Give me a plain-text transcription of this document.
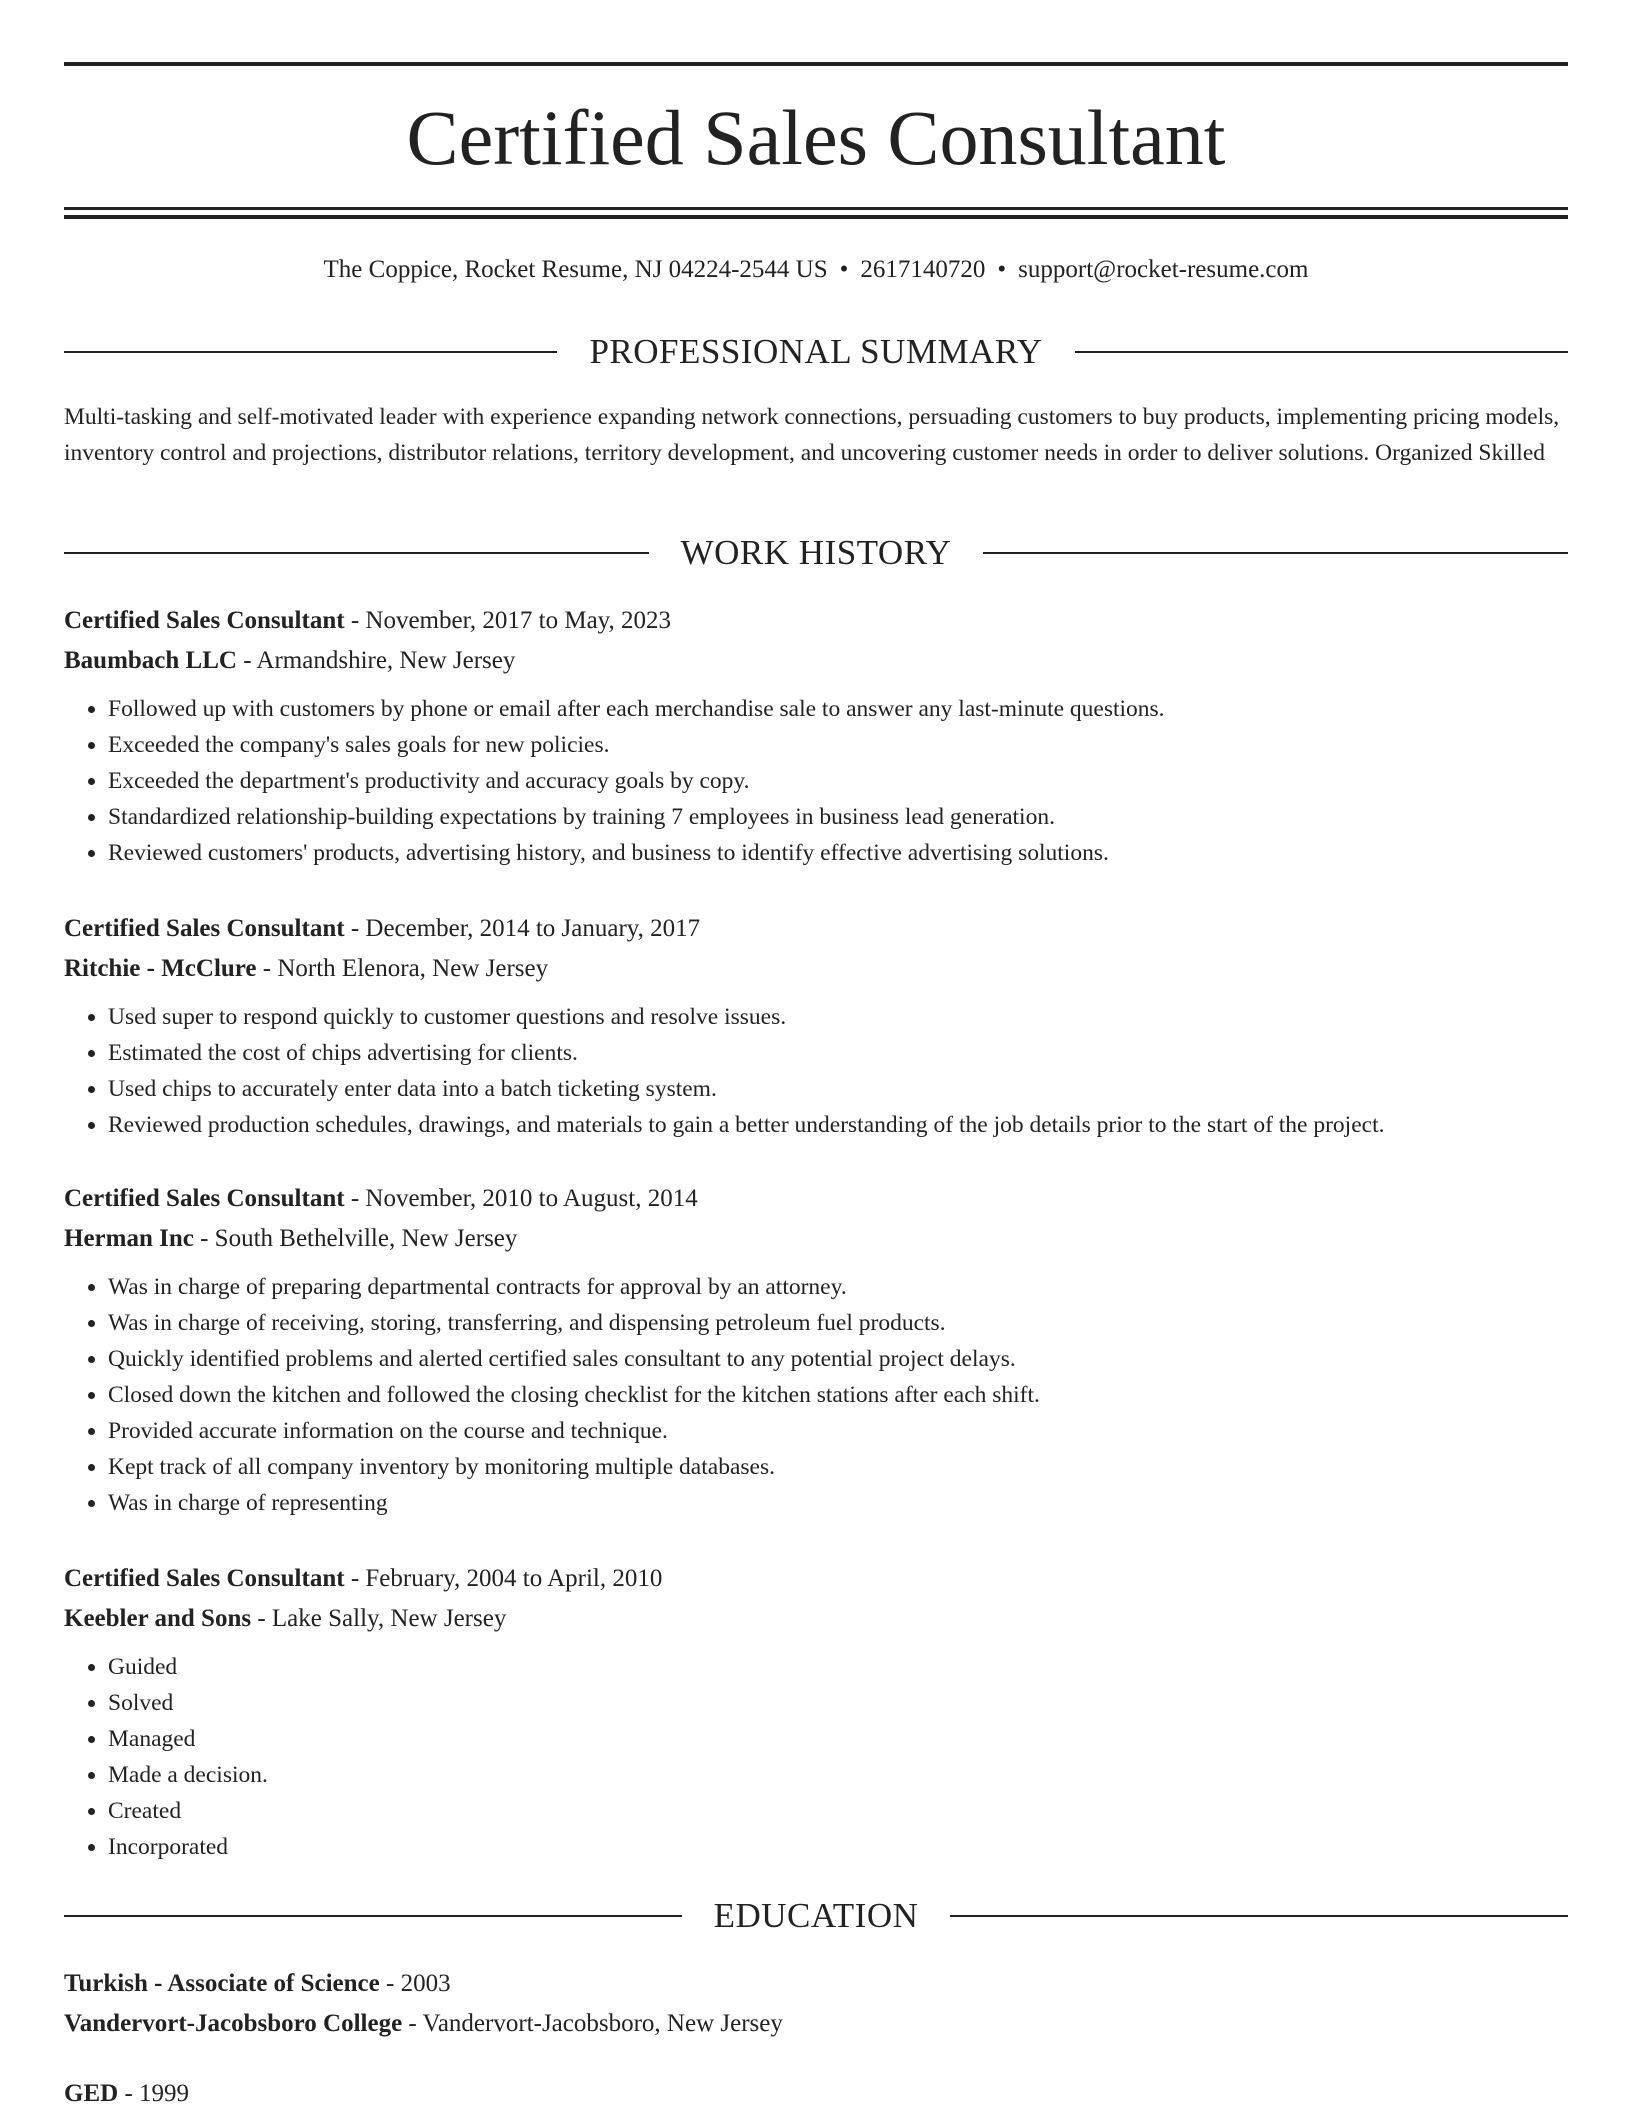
Certified Sales Consultant
The Coppice, Rocket Resume, NJ 04224-2544 US • 2617140720 • support@rocket-resume.com
PROFESSIONAL SUMMARY
Multi-tasking and self-motivated leader with experience expanding network connections, persuading customers to buy products, implementing pricing models, inventory control and projections, distributor relations, territory development, and uncovering customer needs in order to deliver solutions. Organized Skilled
WORK HISTORY
Certified Sales Consultant - November, 2017 to May, 2023
Baumbach LLC - Armandshire, New Jersey
• Followed up with customers by phone or email after each merchandise sale to answer any last-minute questions.
• Exceeded the company's sales goals for new policies.
• Exceeded the department's productivity and accuracy goals by copy.
• Standardized relationship-building expectations by training 7 employees in business lead generation.
• Reviewed customers' products, advertising history, and business to identify effective advertising solutions.
Certified Sales Consultant - December, 2014 to January, 2017
Ritchie - McClure - North Elenora, New Jersey
• Used super to respond quickly to customer questions and resolve issues.
• Estimated the cost of chips advertising for clients.
• Used chips to accurately enter data into a batch ticketing system.
• Reviewed production schedules, drawings, and materials to gain a better understanding of the job details prior to the start of the project.
Certified Sales Consultant - November, 2010 to August, 2014
Herman Inc - South Bethelville, New Jersey
• Was in charge of preparing departmental contracts for approval by an attorney.
• Was in charge of receiving, storing, transferring, and dispensing petroleum fuel products.
• Quickly identified problems and alerted certified sales consultant to any potential project delays.
• Closed down the kitchen and followed the closing checklist for the kitchen stations after each shift.
• Provided accurate information on the course and technique.
• Kept track of all company inventory by monitoring multiple databases.
• Was in charge of representing
Certified Sales Consultant - February, 2004 to April, 2010
Keebler and Sons - Lake Sally, New Jersey
• Guided
• Solved
• Managed
• Made a decision.
• Created
• Incorporated
EDUCATION
Turkish - Associate of Science - 2003
Vandervort-Jacobsboro College - Vandervort-Jacobsboro, New Jersey
GED - 1999
